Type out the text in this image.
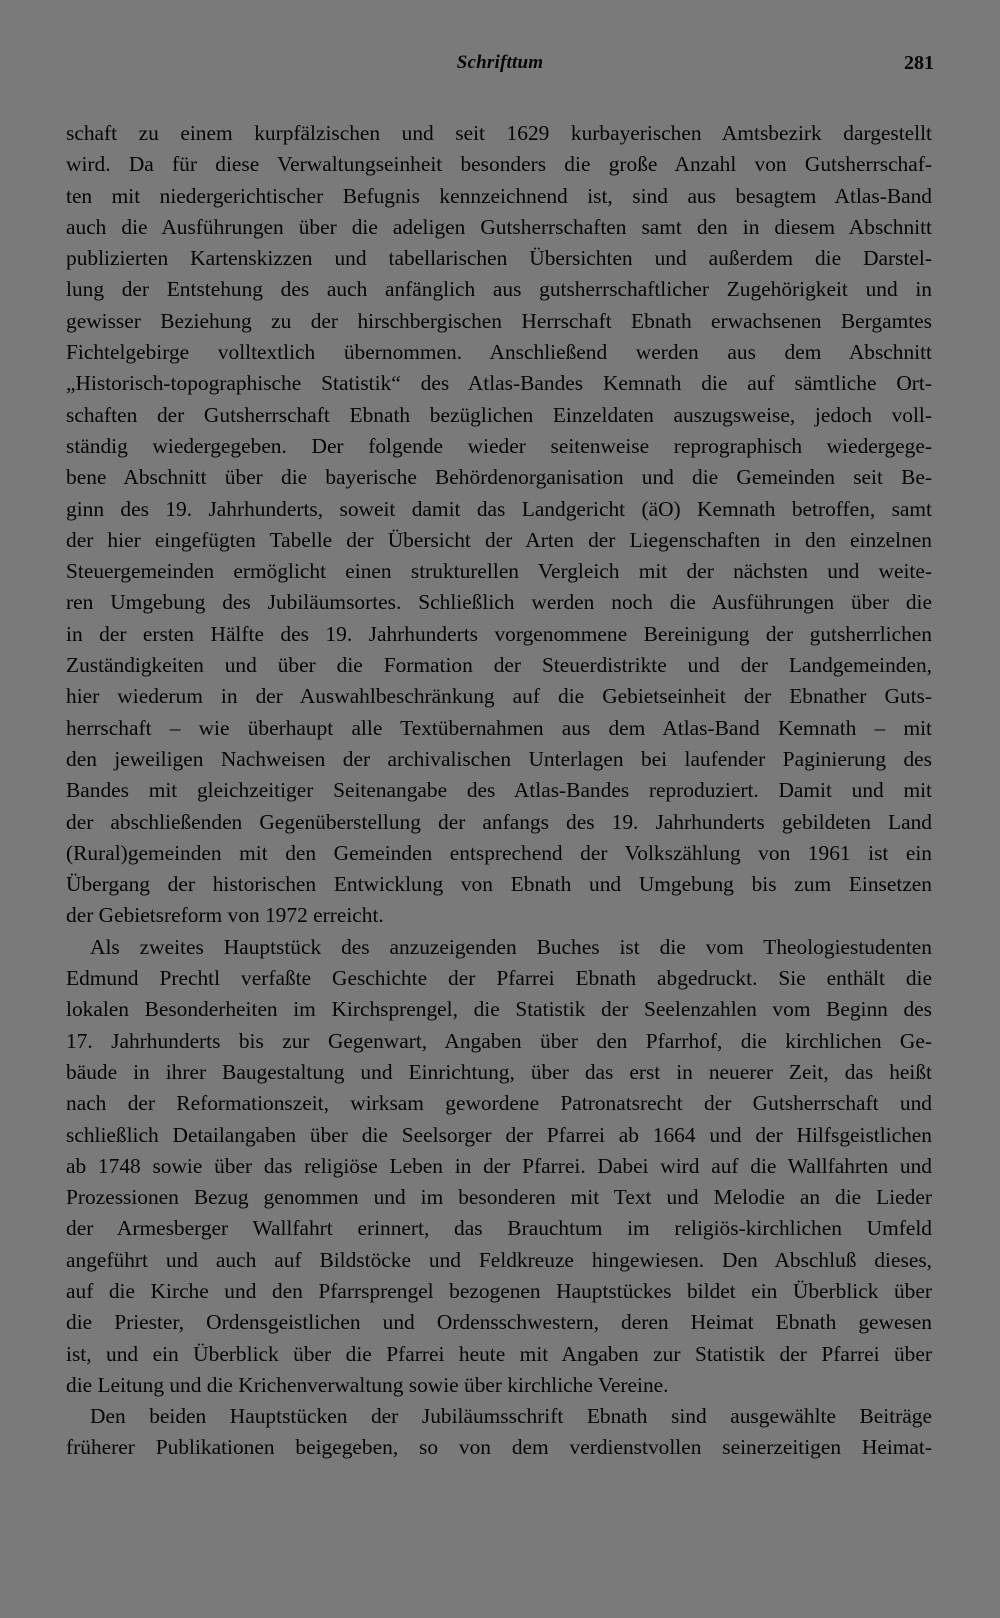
Schrifttum	281
schaft zu einem kurpfälzischen und seit 1629 kurbayerischen Amtsbezirk dargestellt
wird. Da für diese Verwaltungseinheit besonders die große Anzahl von Gutsherrschaf-
ten mit niedergerichtischer Befugnis kennzeichnend ist, sind aus besagtem Atlas-Band
auch die Ausführungen über die adeligen Gutsherrschaften samt den in diesem Abschnitt
publizierten Kartenskizzen und tabellarischen Übersichten und außerdem die Darstel-
lung der Entstehung des auch anfänglich aus gutsherrschaftlicher Zugehörigkeit und in
gewisser Beziehung zu der hirschbergischen Herrschaft Ebnath erwachsenen Bergamtes
Fichtelgebirge volltextlich übernommen. Anschließend werden aus dem Abschnitt
„Historisch-topographische Statistik“ des Atlas-Bandes Kemnath die auf sämtliche Ort-
schaften der Gutsherrschaft Ebnath bezüglichen Einzeldaten auszugsweise, jedoch voll-
ständig wiedergegeben. Der folgende wieder seitenweise reprographisch wiedergege-
bene Abschnitt über die bayerische Behördenorganisation und die Gemeinden seit Be-
ginn des 19. Jahrhunderts, soweit damit das Landgericht (äO) Kemnath betroffen, samt
der hier eingefügten Tabelle der Übersicht der Arten der Liegenschaften in den einzelnen
Steuergemeinden ermöglicht einen strukturellen Vergleich mit der nächsten und weite-
ren Umgebung des Jubiläumsortes. Schließlich werden noch die Ausführungen über die
in der ersten Hälfte des 19. Jahrhunderts vorgenommene Bereinigung der gutsherrlichen
Zuständigkeiten und über die Formation der Steuerdistrikte und der Landgemeinden,
hier wiederum in der Auswahlbeschränkung auf die Gebietseinheit der Ebnather Guts-
herrschaft – wie überhaupt alle Textübernahmen aus dem Atlas-Band Kemnath – mit
den jeweiligen Nachweisen der archivalischen Unterlagen bei laufender Paginierung des
Bandes mit gleichzeitiger Seitenangabe des Atlas-Bandes reproduziert. Damit und mit
der abschließenden Gegenüberstellung der anfangs des 19. Jahrhunderts gebildeten Land
(Rural)gemeinden mit den Gemeinden entsprechend der Volkszählung von 1961 ist ein
Übergang der historischen Entwicklung von Ebnath und Umgebung bis zum Einsetzen
der Gebietsreform von 1972 erreicht.
Als zweites Hauptstück des anzuzeigenden Buches ist die vom Theologiestudenten
Edmund Prechtl verfaßte Geschichte der Pfarrei Ebnath abgedruckt. Sie enthält die
lokalen Besonderheiten im Kirchsprengel, die Statistik der Seelenzahlen vom Beginn des
17. Jahrhunderts bis zur Gegenwart, Angaben über den Pfarrhof, die kirchlichen Ge-
bäude in ihrer Baugestaltung und Einrichtung, über das erst in neuerer Zeit, das heißt
nach der Reformationszeit, wirksam gewordene Patronatsrecht der Gutsherrschaft und
schließlich Detailangaben über die Seelsorger der Pfarrei ab 1664 und der Hilfsgeistlichen
ab 1748 sowie über das religiöse Leben in der Pfarrei. Dabei wird auf die Wallfahrten und
Prozessionen Bezug genommen und im besonderen mit Text und Melodie an die Lieder
der Armesberger Wallfahrt erinnert, das Brauchtum im religiös-kirchlichen Umfeld
angeführt und auch auf Bildstöcke und Feldkreuze hingewiesen. Den Abschluß dieses,
auf die Kirche und den Pfarrsprengel bezogenen Hauptstückes bildet ein Überblick über
die Priester, Ordensgeistlichen und Ordensschwestern, deren Heimat Ebnath gewesen
ist, und ein Überblick über die Pfarrei heute mit Angaben zur Statistik der Pfarrei über
die Leitung und die Krichenverwaltung sowie über kirchliche Vereine.
Den beiden Hauptstücken der Jubiläumsschrift Ebnath sind ausgewählte Beiträge
früherer Publikationen beigegeben, so von dem verdienstvollen seinerzeitigen Heimat-
